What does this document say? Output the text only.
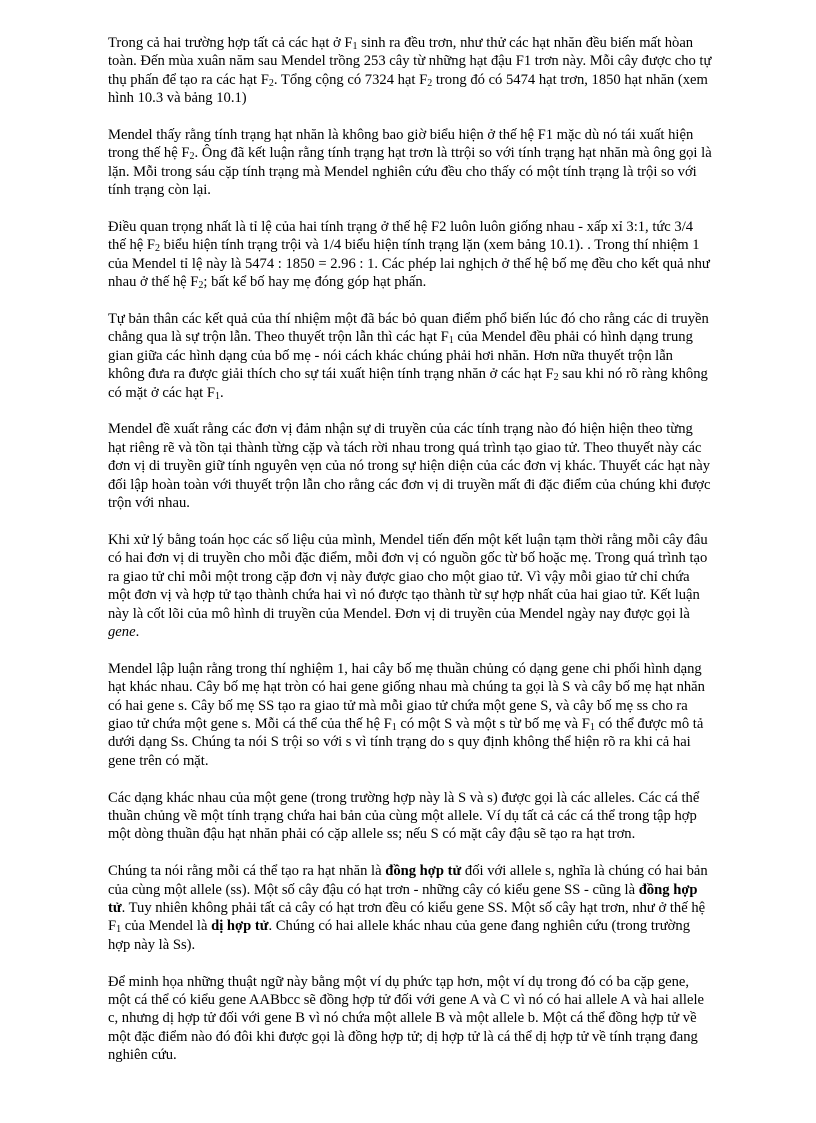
Trong cả hai trường hợp tất cả các hạt ở $F_1$ sinh ra đều trơn, như thử các hạt nhăn đều biến mất hòan toàn. Đến mùa xuân năm sau Mendel trồng 253 cây từ những hạt đậu F1 trơn này. Mỗi cây được cho tự thụ phấn để tạo ra các hạt $F_2$. Tổng cộng có 7324 hạt $F_2$ trong đó có 5474 hạt trơn, 1850 hạt nhăn (xem hình 10.3 và bảng 10.1)

Mendel thấy rằng tính trạng hạt nhăn là không bao giờ biểu hiện ở thế hệ F1 mặc dù nó tái xuất hiện trong thế hệ $F_2$. Ông đã kết luận rằng tính trạng hạt trơn là ttrội so với tính trạng hạt nhăn mà ông gọi là lặn. Mỗi trong sáu cặp tính trạng mà Mendel nghiên cứu đều cho thấy có một tính trạng là trội so với tính trạng còn lại.

Điều quan trọng nhất là tỉ lệ của hai tính trạng ở thế hệ F2 luôn luôn giống nhau - xấp xỉ 3:1, tức 3/4 thế hệ $F_2$ biểu hiện tính trạng trội và 1/4 biểu hiện tính trạng lặn (xem bảng 10.1). . Trong thí nhiệm 1 của Mendel tỉ lệ này là 5474 : 1850 = 2.96 : 1. Các phép lai nghịch ở thế hệ bố mẹ đều cho kết quả như nhau ở thế hệ $F_2$; bất kể bố hay mẹ đóng góp hạt phấn.

Tự bản thân các kết quả của thí nhiệm một đã bác bỏ quan điểm phổ biến lúc đó cho rằng các di truyền chẳng qua là sự trộn lẫn. Theo thuyết trộn lẫn thì các hạt $F_1$ của Mendel đều phải có hình dạng trung gian giữa các hình dạng của bố mẹ - nói cách khác chúng phải hơi nhăn. Hơn nữa thuyết trộn lẫn không đưa ra được giải thích cho sự tái xuất hiện tính trạng nhăn ở các hạt $F_2$ sau khi nó rõ ràng không có mặt ở các hạt $F_1$.

Mendel đề xuất rằng các đơn vị đảm nhận sự di truyền của các tính trạng nào đó hiện hiện theo từng hạt riêng rẽ và tồn tại thành từng cặp và tách rời nhau trong quá trình tạo giao tử. Theo thuyết này các đơn vị di truyền giữ tính nguyên vẹn của nó trong sự hiện diện của các đơn vị khác. Thuyết các hạt này đối lập hoàn toàn với thuyết trộn lẫn cho rằng các đơn vị di truyền mất đi đặc điểm của chúng khi được trộn với nhau.

Khi xử lý bằng toán học các số liệu của mình, Mendel tiến đến một kết luận tạm thời rằng mỗi cây đâu có hai đơn vị di truyền cho mỗi đặc điểm, mỗi đơn vị có nguồn gốc từ bố hoặc mẹ. Trong quá trình tạo ra giao tử chỉ mỗi một trong cặp đơn vị này được giao cho một giao tử. Vì vậy mỗi giao tử chỉ chứa một đơn vị và hợp tử tạo thành chứa hai vì nó được tạo thành từ sự hợp nhất của hai giao tử. Kết luận này là cốt lõi của mô hình di truyền của Mendel. Đơn vị di truyền của Mendel ngày nay được gọi là gene.

Mendel lập luận rằng trong thí nghiệm 1, hai cây bố mẹ thuần chủng có dạng gene chi phối hình dạng hạt khác nhau. Cây bố mẹ hạt tròn có hai gene giống nhau mà chúng ta gọi là S và cây bố mẹ hạt nhăn có hai gene s. Cây bố mẹ SS tạo ra giao tử mà mỗi giao tử chứa một gene S, và cây bố mẹ ss cho ra giao tử chứa một gene s. Mỗi cá thể của thế hệ $F_1$ có một S và một s từ bố mẹ và $F_1$ có thể được mô tả dưới dạng Ss. Chúng ta nói S trội so với s vì tính trạng do s quy định không thể hiện rõ ra khi cả hai gene trên có mặt.

Các dạng khác nhau của một gene (trong trường hợp này là S và s) được gọi là các alleles. Các cá thể thuần chủng về một tính trạng chứa hai bản của cùng một allele. Ví dụ tất cả các cá thể trong tập hợp một dòng thuần đậu hạt nhăn phải có cặp allele ss; nếu S có mặt cây đậu sẽ tạo ra hạt trơn.

Chúng ta nói rằng mỗi cá thể tạo ra hạt nhăn là đồng hợp tử đối với allele s, nghĩa là chúng có hai bản của cùng một allele (ss). Một số cây đậu có hạt trơn - những cây có kiểu gene SS - cũng là đồng hợp tử. Tuy nhiên không phải tất cả cây có hạt trơn đều có kiểu gene SS. Một số cây hạt trơn, như ở thế hệ $F_1$ của Mendel là dị hợp tử. Chúng có hai allele khác nhau của gene đang nghiên cứu (trong trường hợp này là Ss).

Để minh họa những thuật ngữ này bằng một ví dụ phức tạp hơn, một ví dụ trong đó có ba cặp gene, một cá thể có kiểu gene AABbcc sẽ đồng hợp tử đối với gene A và C vì nó có hai allele A và hai allele c, nhưng dị hợp tử đối với gene B vì nó chứa một allele B và một allele b. Một cá thể đồng hợp tử về một đặc điểm nào đó đôi khi được gọi là đồng hợp tử; dị hợp tử là cá thể dị hợp tử về tính trạng đang nghiên cứu.
